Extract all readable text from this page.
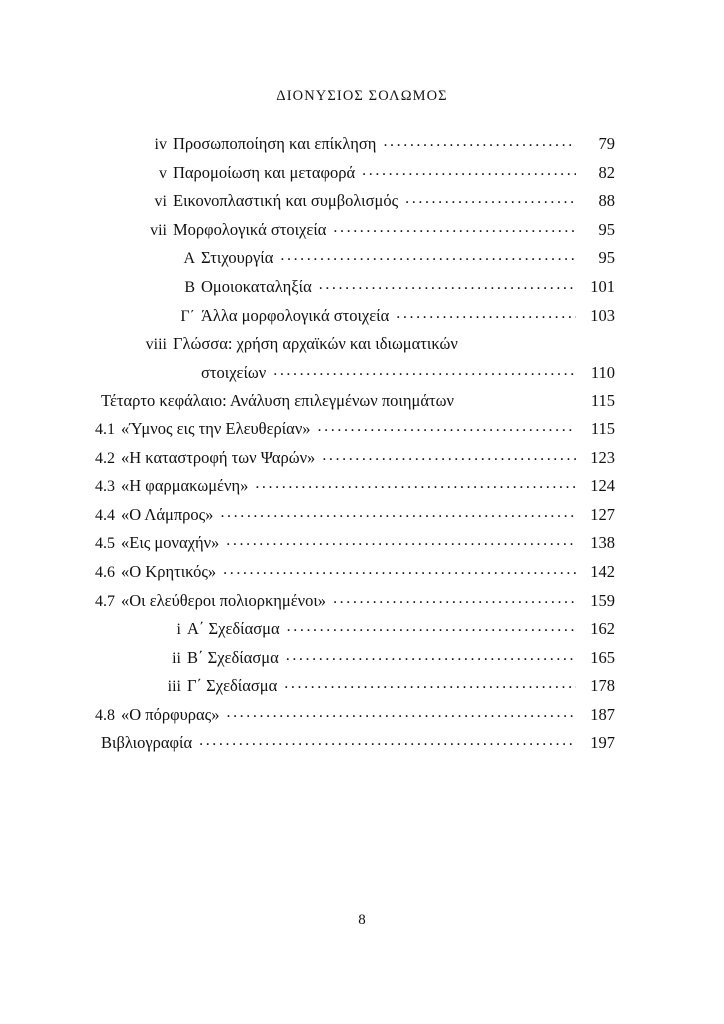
ΔΙΟΝΥΣΙΟΣ ΣΟΛΩΜΟΣ
iv Προσωποποίηση και επίκληση .....	79
v Παρομοίωση και μεταφορά .....	82
vi Εικονοπλαστική και συμβολισμός .....	88
vii Μορφολογικά στοιχεία .....	95
Α Στιχουργία .....	95
Β Ομοιοκαταληξία .....	101
Γ΄ Άλλα μορφολογικά στοιχεία .....	103
viii Γλώσσα: χρήση αρχαϊκών και ιδιωματικών
στοιχείων .....	110
Τέταρτο κεφάλαιο: Ανάλυση επιλεγμένων ποιημάτων	115
4.1 «Ύμνος εις την Ελευθερίαν» .....	115
4.2 «Η καταστροφή των Ψαρών» .....	123
4.3 «Η φαρμακωμένη» .....	124
4.4 «Ο Λάμπρος» .....	127
4.5 «Εις μοναχήν» .....	138
4.6 «Ο Κρητικός» .....	142
4.7 «Οι ελεύθεροι πολιορκημένοι» .....	159
i Α΄ Σχεδίασμα .....	162
ii Β΄ Σχεδίασμα .....	165
iii Γ΄ Σχεδίασμα .....	178
4.8 «Ο πόρφυρας» .....	187
Βιβλιογραφία .....	197
8
